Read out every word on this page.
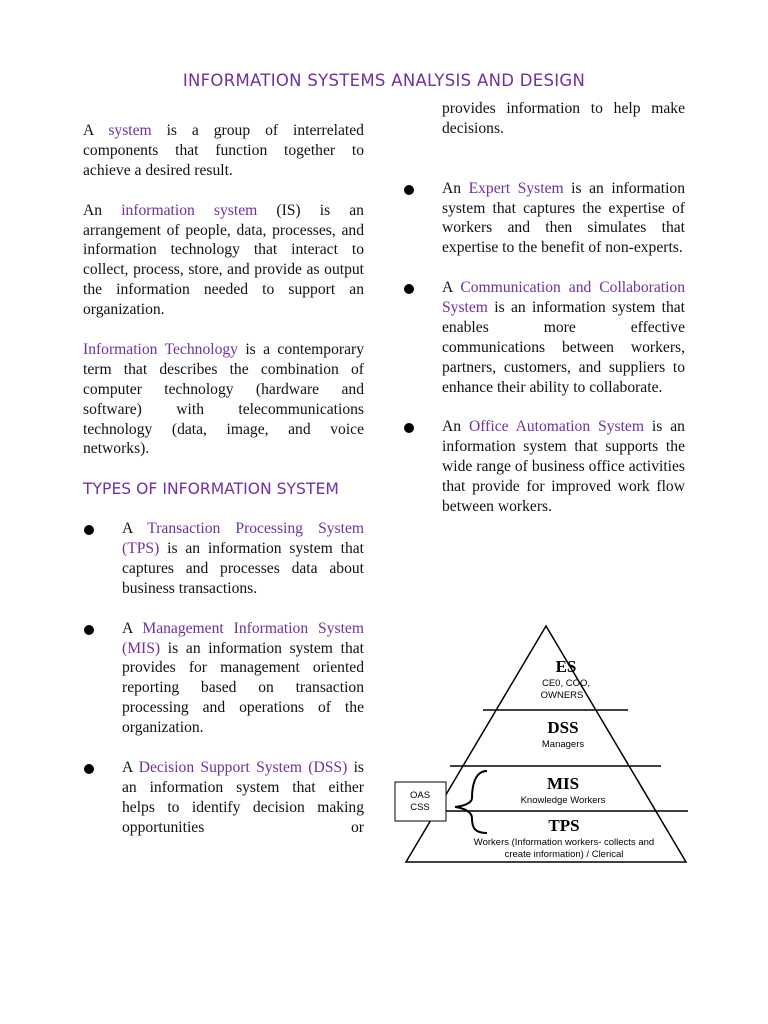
INFORMATION SYSTEMS ANALYSIS AND DESIGN

A system is a group of interrelated components that function together to achieve a desired result.

An information system (IS) is an arrangement of people, data, processes, and information technology that interact to collect, process, store, and provide as output the information needed to support an organization.

Information Technology is a contemporary term that describes the combination of computer technology (hardware and software) with telecommunications technology (data, image, and voice networks).

TYPES OF INFORMATION SYSTEM

A Transaction Processing System (TPS) is an information system that captures and processes data about business transactions.

A Management Information System (MIS) is an information system that provides for management oriented reporting based on transaction processing and operations of the organization.

A Decision Support System (DSS) is an information system that either helps to identify decision making opportunities or

provides information to help make decisions.

An Expert System is an information system that captures the expertise of workers and then simulates that expertise to the benefit of non-experts.

A Communication and Collaboration System is an information system that enables more effective communications between workers, partners, customers, and suppliers to enhance their ability to collaborate.

An Office Automation System is an information system that supports the wide range of business office activities that provide for improved work flow between workers.

ES
CE0, COO,
OWNERS
DSS
Managers
MIS
Knowledge Workers
TPS
Workers (Information workers- collects and
create information) / Clerical
OAS
CSS
